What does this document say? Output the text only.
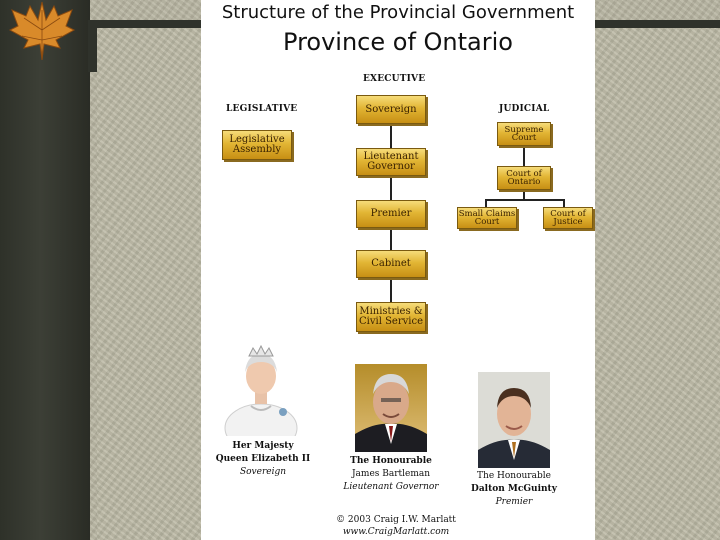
Structure of the Provincial Government
Province of Ontario
EXECUTIVE
LEGISLATIVE	JUDICIAL
Sovereign
Lieutenant
Governor
Premier
Cabinet
Ministries &
Civil Service
Legislative
Assembly
Supreme
Court
Court of
Ontario
Small Claims
Court
Court of
Justice
Her Majesty
Queen Elizabeth II
Sovereign
The Honourable
James Bartleman
Lieutenant Governor
The Honourable
Dalton McGuinty
Premier
© 2003 Craig I.W. Marlatt
www.CraigMarlatt.com
